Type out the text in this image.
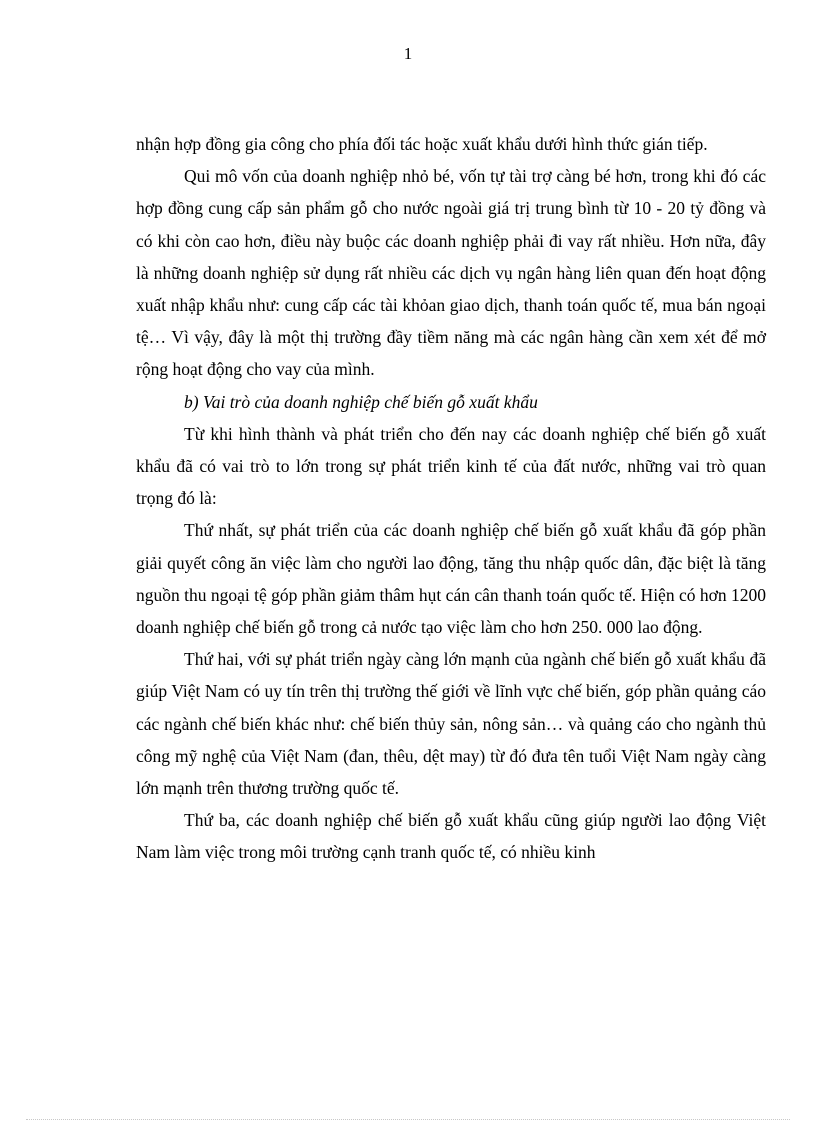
1

nhận hợp đồng gia công cho phía đối tác hoặc xuất khẩu dưới hình thức gián tiếp.

Qui mô vốn của doanh nghiệp nhỏ bé, vốn tự tài trợ càng bé hơn, trong khi đó các hợp đồng cung cấp sản phẩm gỗ cho nước ngoài giá trị trung bình từ 10 - 20 tỷ đồng và có khi còn cao hơn, điều này buộc các doanh nghiệp phải đi vay rất nhiều. Hơn nữa, đây là những doanh nghiệp sử dụng rất nhiều các dịch vụ ngân hàng liên quan đến hoạt động xuất nhập khẩu như: cung cấp các tài khỏan giao dịch, thanh toán quốc tế, mua bán ngoại tệ… Vì vậy, đây là một thị trường đầy tiềm năng mà các ngân hàng cần xem xét để mở rộng hoạt động cho vay của mình.

b) Vai trò của doanh nghiệp chế biến gỗ xuất khẩu

Từ khi hình thành và phát triển cho đến nay các doanh nghiệp chế biến gỗ xuất khẩu đã có vai trò to lớn trong sự phát triển kinh tế của đất nước, những vai trò quan trọng đó là:

Thứ nhất, sự phát triển của các doanh nghiệp chế biến gỗ xuất khẩu đã góp phần giải quyết công ăn việc làm cho người lao động, tăng thu nhập quốc dân, đặc biệt là tăng nguồn thu ngoại tệ góp phần giảm thâm hụt cán cân thanh toán quốc tế. Hiện có hơn 1200 doanh nghiệp chế biến gỗ trong cả nước tạo việc làm cho hơn 250. 000 lao động.

Thứ hai, với sự phát triển ngày càng lớn mạnh của ngành chế biến gỗ xuất khẩu đã giúp Việt Nam có uy tín trên thị trường thế giới về lĩnh vực chế biến, góp phần quảng cáo các ngành chế biến khác như: chế biến thủy sản, nông sản… và quảng cáo cho ngành thủ công mỹ nghệ của Việt Nam (đan, thêu, dệt may) từ đó đưa tên tuổi Việt Nam ngày càng lớn mạnh trên thương trường quốc tế.

Thứ ba, các doanh nghiệp chế biến gỗ xuất khẩu cũng giúp người lao động Việt Nam làm việc trong môi trường cạnh tranh quốc tế, có nhiều kinh
